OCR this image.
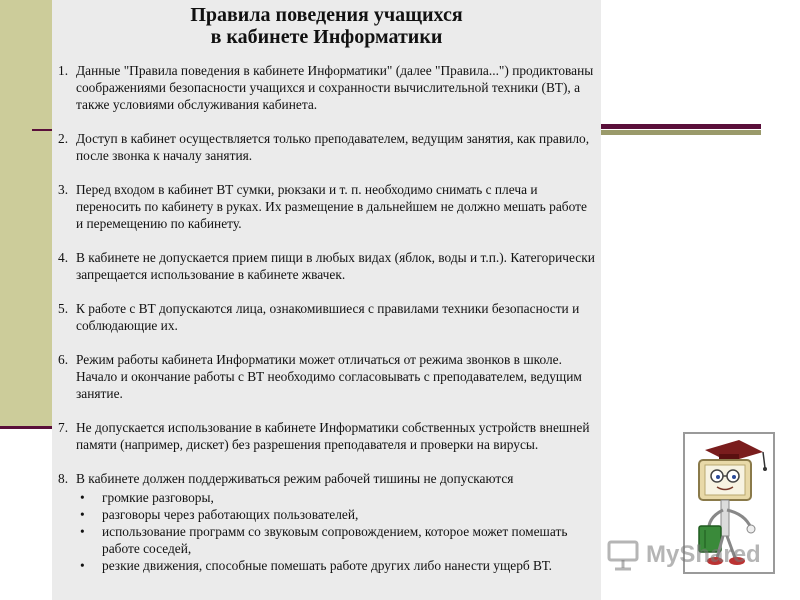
Правила поведения учащихся
в кабинете Информатики
1. Данные "Правила поведения в кабинете Информатики" (далее "Правила...") продиктованы соображениями безопасности учащихся и сохранности вычислительной техники (ВТ), а также условиями обслуживания кабинета.
2. Доступ в кабинет осуществляется только преподавателем, ведущим занятия, как правило, после звонка к началу занятия.
3. Перед входом в кабинет ВТ сумки, рюкзаки и т. п. необходимо снимать с плеча и переносить по кабинету в руках. Их размещение в дальнейшем не должно мешать работе и перемещению по кабинету.
4. В кабинете не допускается прием пищи в любых видах (яблок, воды и т.п.). Категорически запрещается использование в кабинете жвачек.
5. К работе с ВТ допускаются лица, ознакомившиеся с правилами техники безопасности и соблюдающие их.
6. Режим работы кабинета Информатики может отличаться от режима звонков в школе. Начало и окончание работы с ВТ необходимо согласовывать с преподавателем, ведущим занятие.
7. Не допускается использование в кабинете Информатики собственных устройств внешней памяти (например, дискет) без разрешения преподавателя и проверки на вирусы.
8. В кабинете должен поддерживаться режим рабочей тишины не допускаются
•	громкие разговоры,
•	разговоры через работающих пользователей,
•	использование программ со звуковым сопровождением, которое может помешать работе соседей,
•	резкие движения, способные помешать работе других либо нанести ущерб ВТ.	MyShared
